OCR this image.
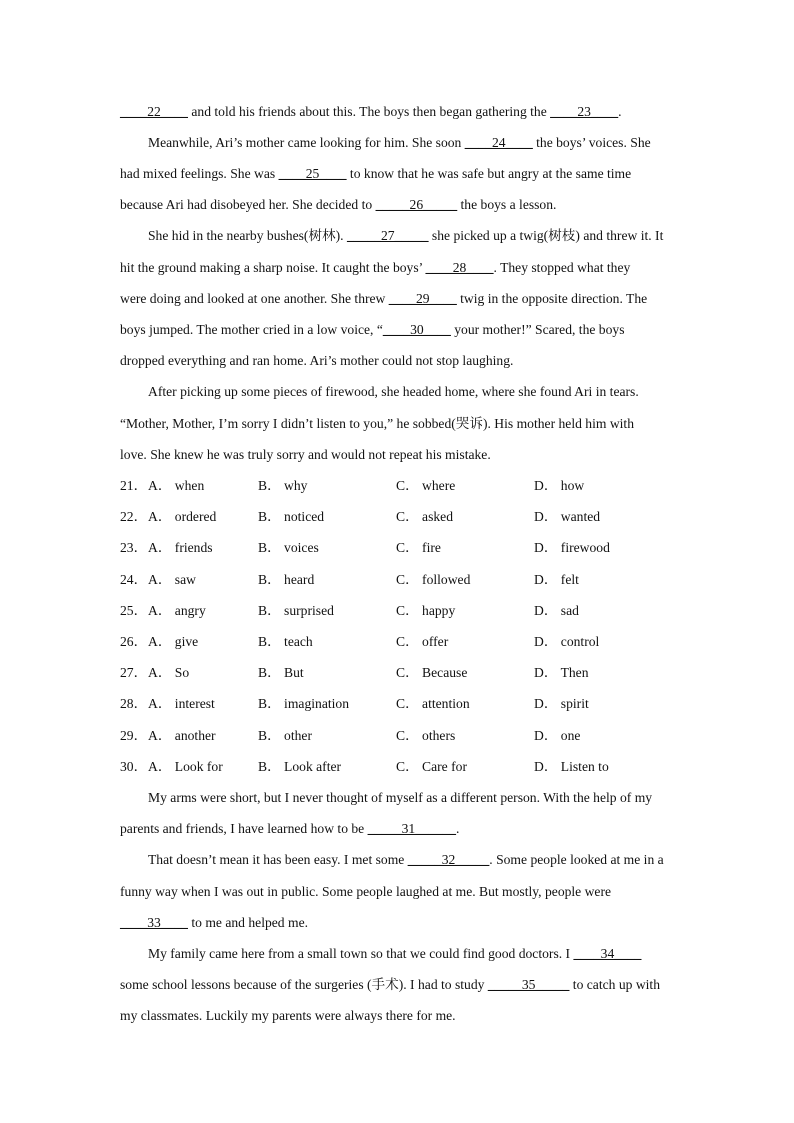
____22____ and told his friends about this. The boys then began gathering the ____23____.
Meanwhile, Ari’s mother came looking for him. She soon ____24____ the boys’ voices. She
had mixed feelings. She was ____25____ to know that he was safe but angry at the same time
because Ari had disobeyed her. She decided to _____26_____ the boys a lesson.
She hid in the nearby bushes(树林). _____27_____ she picked up a twig(树枝) and threw it. It
hit the ground making a sharp noise. It caught the boys’ ____28____. They stopped what they
were doing and looked at one another. She threw ____29____ twig in the opposite direction. The
boys jumped. The mother cried in a low voice, “____30____ your mother!” Scared, the boys
dropped everything and ran home. Ari’s mother could not stop laughing.
After picking up some pieces of firewood, she headed home, where she found Ari in tears.
“Mother, Mother, I’m sorry I didn’t listen to you,” he sobbed(哭诉). His mother held him with
love. She knew he was truly sorry and would not repeat his mistake.
21． A． when	B． why	C． where	D． how
22． A． ordered	B． noticed	C． asked	D． wanted
23． A． friends	B． voices	C． fire	D． firewood
24． A． saw	B． heard	C． followed	D． felt
25． A． angry	B． surprised	C． happy	D． sad
26． A． give	B． teach	C． offer	D． control
27． A． So	B． But	C． Because	D． Then
28． A． interest	B． imagination	C． attention	D． spirit
29． A． another	B． other	C． others	D． one
30． A． Look for	B． Look after	C． Care for	D． Listen to
My arms were short, but I never thought of myself as a different person. With the help of my
parents and friends, I have learned how to be _____31______.
That doesn’t mean it has been easy. I met some _____32_____. Some people looked at me in a
funny way when I was out in public. Some people laughed at me. But mostly, people were
____33____ to me and helped me.
My family came here from a small town so that we could find good doctors. I ____34____
some school lessons because of the surgeries (手术). I had to study _____35_____ to catch up with
my classmates. Luckily my parents were always there for me.
